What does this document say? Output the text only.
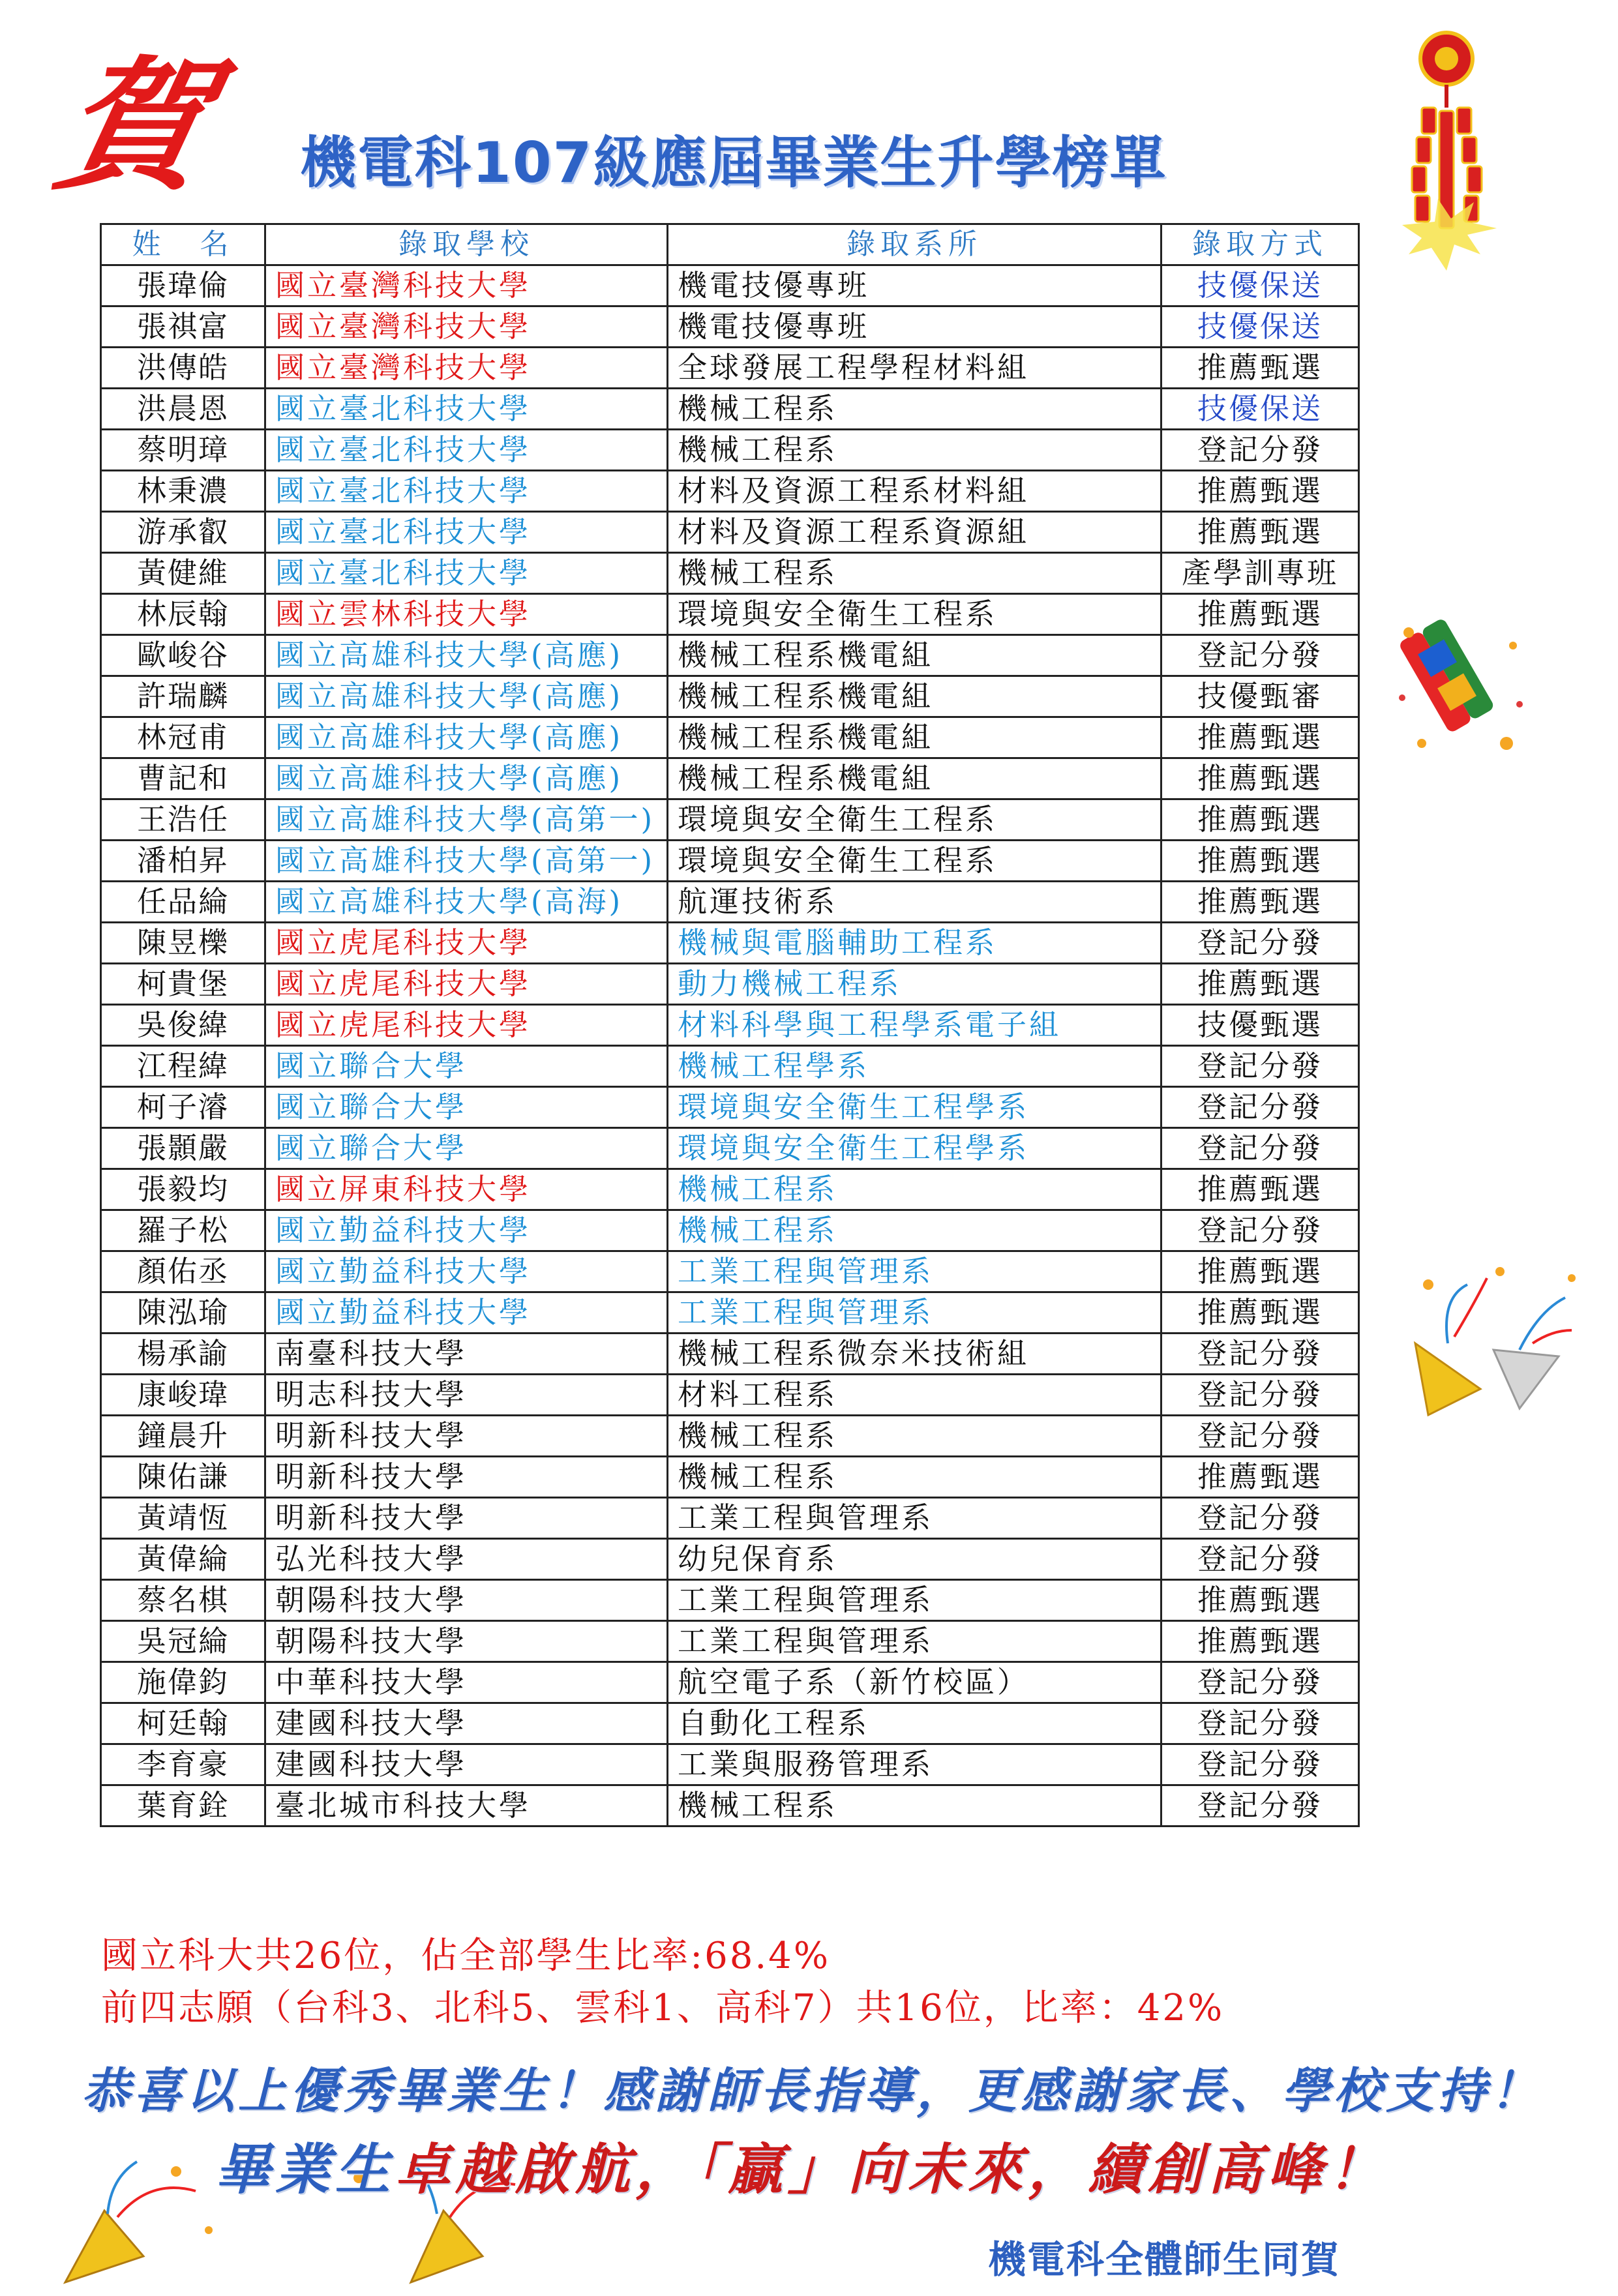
賀	機電科107級應屆畢業生升學榜單
姓　名	錄取學校	錄取系所	錄取方式
張瑋倫	國立臺灣科技大學	機電技優專班	技優保送
張祺富	國立臺灣科技大學	機電技優專班	技優保送
洪傳皓	國立臺灣科技大學	全球發展工程學程材料組	推薦甄選
洪晨恩	國立臺北科技大學	機械工程系	技優保送
蔡明璋	國立臺北科技大學	機械工程系	登記分發
林秉濃	國立臺北科技大學	材料及資源工程系材料組	推薦甄選
游承叡	國立臺北科技大學	材料及資源工程系資源組	推薦甄選
黃健維	國立臺北科技大學	機械工程系	產學訓專班
林辰翰	國立雲林科技大學	環境與安全衛生工程系	推薦甄選
歐峻谷	國立高雄科技大學(高應)	機械工程系機電組	登記分發
許瑞麟	國立高雄科技大學(高應)	機械工程系機電組	技優甄審
林冠甫	國立高雄科技大學(高應)	機械工程系機電組	推薦甄選
曹記和	國立高雄科技大學(高應)	機械工程系機電組	推薦甄選
王浩任	國立高雄科技大學(高第一)	環境與安全衛生工程系	推薦甄選
潘柏昇	國立高雄科技大學(高第一)	環境與安全衛生工程系	推薦甄選
任品綸	國立高雄科技大學(高海)	航運技術系	推薦甄選
陳昱櫟	國立虎尾科技大學	機械與電腦輔助工程系	登記分發
柯貴堡	國立虎尾科技大學	動力機械工程系	推薦甄選
吳俊緯	國立虎尾科技大學	材料科學與工程學系電子組	技優甄選
江程緯	國立聯合大學	機械工程學系	登記分發
柯子濬	國立聯合大學	環境與安全衛生工程學系	登記分發
張顥嚴	國立聯合大學	環境與安全衛生工程學系	登記分發
張毅均	國立屏東科技大學	機械工程系	推薦甄選
羅子松	國立勤益科技大學	機械工程系	登記分發
顏佑丞	國立勤益科技大學	工業工程與管理系	推薦甄選
陳泓瑜	國立勤益科技大學	工業工程與管理系	推薦甄選
楊承諭	南臺科技大學	機械工程系微奈米技術組	登記分發
康峻瑋	明志科技大學	材料工程系	登記分發
鐘晨升	明新科技大學	機械工程系	登記分發
陳佑謙	明新科技大學	機械工程系	推薦甄選
黃靖恆	明新科技大學	工業工程與管理系	登記分發
黃偉綸	弘光科技大學	幼兒保育系	登記分發
蔡名棋	朝陽科技大學	工業工程與管理系	推薦甄選
吳冠綸	朝陽科技大學	工業工程與管理系	推薦甄選
施偉鈞	中華科技大學	航空電子系（新竹校區）	登記分發
柯廷翰	建國科技大學	自動化工程系	登記分發
李育豪	建國科技大學	工業與服務管理系	登記分發
葉育銓	臺北城市科技大學	機械工程系	登記分發
國立科大共26位，佔全部學生比率:68.4%
前四志願（台科3、北科5、雲科1、高科7）共16位，比率：42%
恭喜以上優秀畢業生！感謝師長指導，更感謝家長、學校支持！
畢業生卓越啟航，「贏」向未來，續創高峰！
機電科全體師生同賀
